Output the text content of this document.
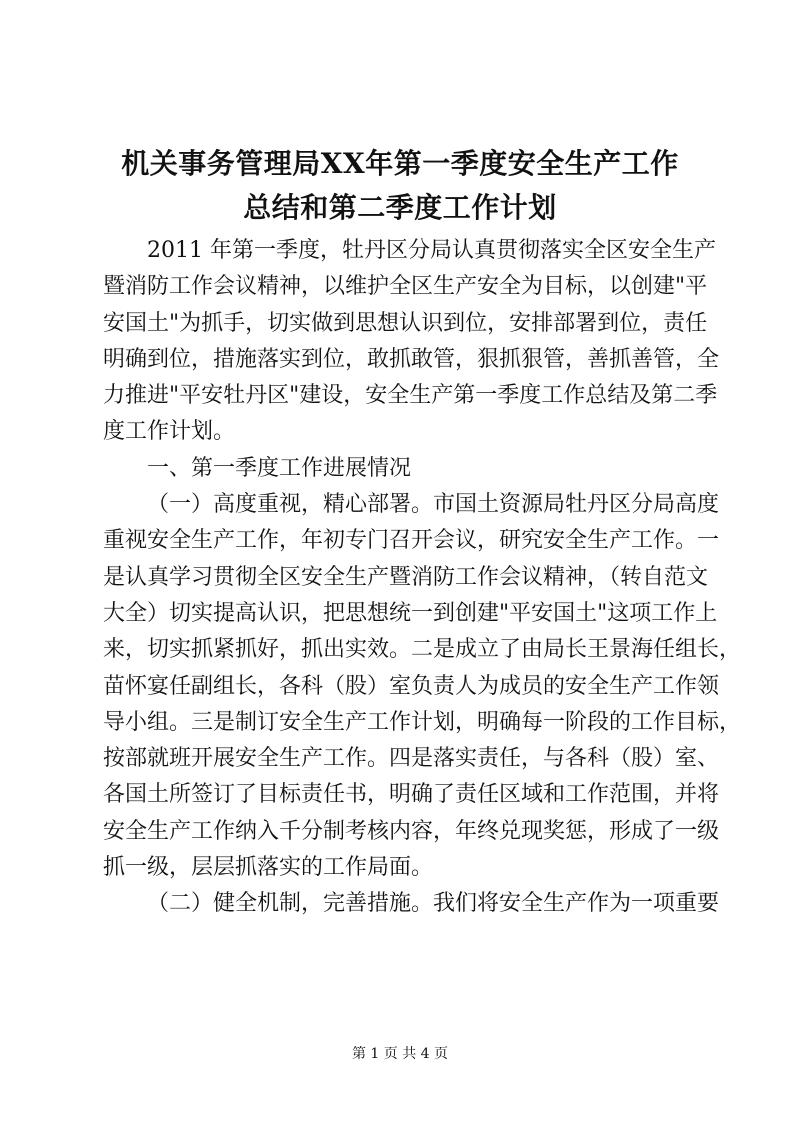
机关事务管理局XX年第一季度安全生产工作
总结和第二季度工作计划
2011 年第一季度，牡丹区分局认真贯彻落实全区安全生产
暨消防工作会议精神，以维护全区生产安全为目标，以创建"平
安国土"为抓手，切实做到思想认识到位，安排部署到位，责任
明确到位，措施落实到位，敢抓敢管，狠抓狠管，善抓善管，全
力推进"平安牡丹区"建设，安全生产第一季度工作总结及第二季
度工作计划。
一、第一季度工作进展情况
（一）高度重视，精心部署。市国土资源局牡丹区分局高度
重视安全生产工作，年初专门召开会议，研究安全生产工作。一
是认真学习贯彻全区安全生产暨消防工作会议精神，（转自范文
大全）切实提高认识，把思想统一到创建"平安国土"这项工作上
来，切实抓紧抓好，抓出实效。二是成立了由局长王景海任组长，
苗怀宴任副组长，各科（股）室负责人为成员的安全生产工作领
导小组。三是制订安全生产工作计划，明确每一阶段的工作目标，
按部就班开展安全生产工作。四是落实责任，与各科（股）室、
各国土所签订了目标责任书，明确了责任区域和工作范围，并将
安全生产工作纳入千分制考核内容，年终兑现奖惩，形成了一级
抓一级，层层抓落实的工作局面。
（二）健全机制，完善措施。我们将安全生产作为一项重要
第 1 页 共 4 页
